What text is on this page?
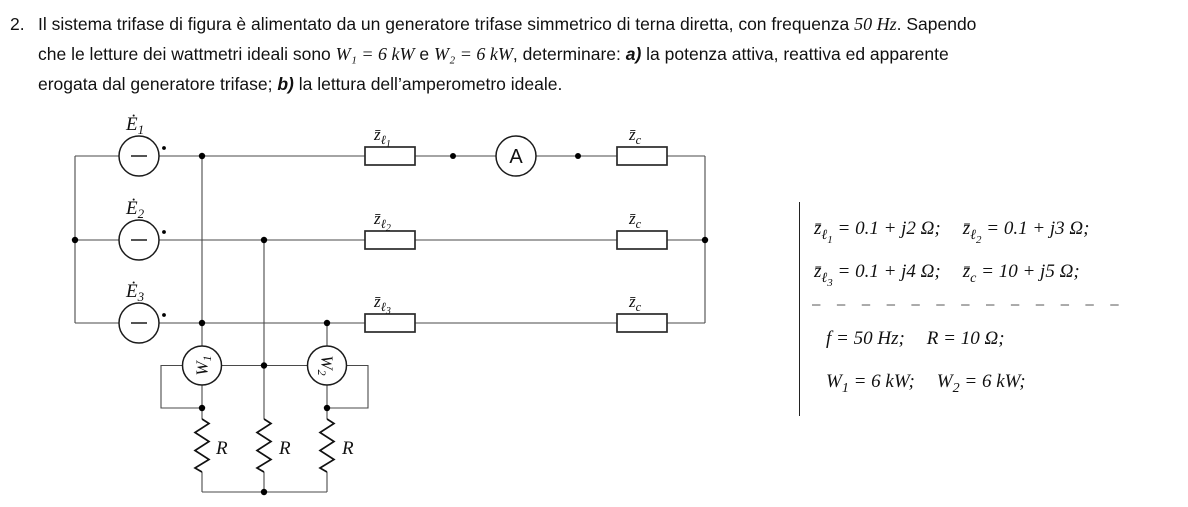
2. Il sistema trifase di figura è alimentato da un generatore trifase simmetrico di terna diretta, con frequenza 50 Hz. Sapendo
che le letture dei wattmetri ideali sono W₁ = 6 kW e W₂ = 6 kW, determinare: a) la potenza attiva, reattiva ed apparente
erogata dal generatore trifase; b) la lettura dell’amperometro ideale.
A
$W_1$	$W_2$
$Ė_1$
$Ė_2$
$Ė_3$
$z̄_\ell 1$
$z̄_\ell 2$
$z̄_\ell 3$
$z̄_c$
$z̄_c$
$z̄_c$
R	R	R
$z̄_{\ell_1} = 0.1 + j2$ Ω; $z̄_{\ell_2} = 0.1 + j3$ Ω;
$z̄_{\ell_3} = 0.1 + j4$ Ω; $z̄_c = 10 + j5$ Ω;
— — — — — — — — — — — — —
f = 50 Hz; R = 10 Ω;
$W_1 = 6$ kW; $W_2 = 6$ kW;
